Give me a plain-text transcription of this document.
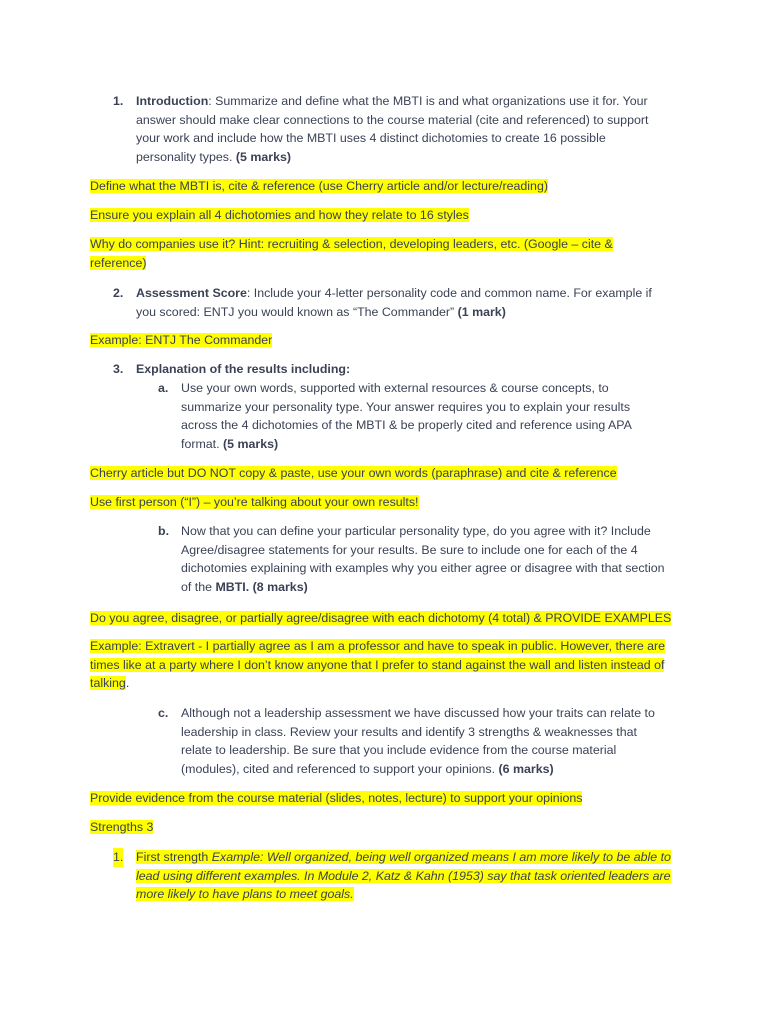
1. Introduction: Summarize and define what the MBTI is and what organizations use it for. Your answer should make clear connections to the course material (cite and referenced) to support your work and include how the MBTI uses 4 distinct dichotomies to create 16 possible personality types. (5 marks)

Define what the MBTI is, cite & reference (use Cherry article and/or lecture/reading)

Ensure you explain all 4 dichotomies and how they relate to 16 styles

Why do companies use it? Hint: recruiting & selection, developing leaders, etc. (Google – cite & reference)

2. Assessment Score: Include your 4-letter personality code and common name. For example if you scored: ENTJ you would known as “The Commander” (1 mark)

Example: ENTJ The Commander

3. Explanation of the results including:

a. Use your own words, supported with external resources & course concepts, to summarize your personality type. Your answer requires you to explain your results across the 4 dichotomies of the MBTI & be properly cited and reference using APA format. (5 marks)

Cherry article but DO NOT copy & paste, use your own words (paraphrase) and cite & reference

Use first person (“I”) – you’re talking about your own results!

b. Now that you can define your particular personality type, do you agree with it? Include Agree/disagree statements for your results. Be sure to include one for each of the 4 dichotomies explaining with examples why you either agree or disagree with that section of the MBTI. (8 marks)

Do you agree, disagree, or partially agree/disagree with each dichotomy (4 total) & PROVIDE EXAMPLES

Example: Extravert - I partially agree as I am a professor and have to speak in public. However, there are times like at a party where I don’t know anyone that I prefer to stand against the wall and listen instead of talking.

c. Although not a leadership assessment we have discussed how your traits can relate to leadership in class. Review your results and identify 3 strengths & weaknesses that relate to leadership. Be sure that you include evidence from the course material (modules), cited and referenced to support your opinions. (6 marks)

Provide evidence from the course material (slides, notes, lecture) to support your opinions

Strengths 3

1. First strength Example: Well organized, being well organized means I am more likely to be able to lead using different examples. In Module 2, Katz & Kahn (1953) say that task oriented leaders are more likely to have plans to meet goals.
